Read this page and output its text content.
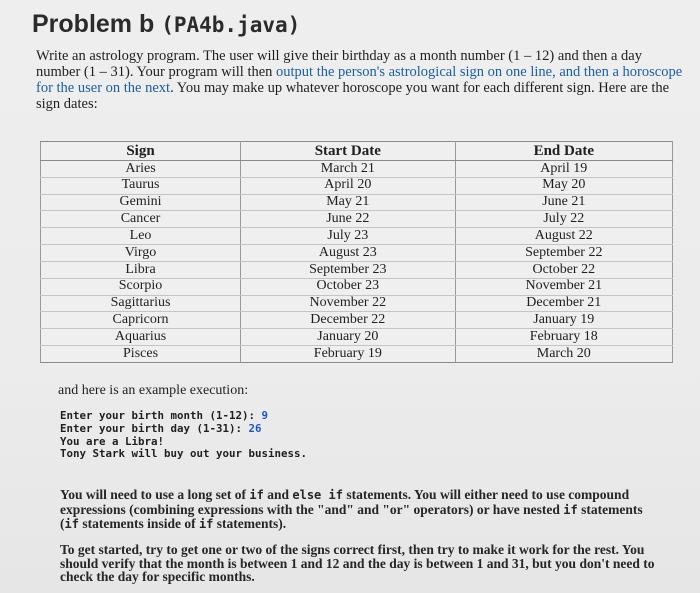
Problem b (PA4b.java)

Write an astrology program. The user will give their birthday as a month number (1 – 12) and then a day number (1 – 31). Your program will then output the person's astrological sign on one line, and then a horoscope for the user on the next. You may make up whatever horoscope you want for each different sign. Here are the sign dates:

Sign	Start Date	End Date
Aries	March 21	April 19
Taurus	April 20	May 20
Gemini	May 21	June 21
Cancer	June 22	July 22
Leo	July 23	August 22
Virgo	August 23	September 22
Libra	September 23	October 22
Scorpio	October 23	November 21
Sagittarius	November 22	December 21
Capricorn	December 22	January 19
Aquarius	January 20	February 18
Pisces	February 19	March 20

and here is an example execution:

Enter your birth month (1-12): 9
Enter your birth day (1-31): 26
You are a Libra!
Tony Stark will buy out your business.

You will need to use a long set of if and else if statements. You will either need to use compound expressions (combining expressions with the "and" and "or" operators) or have nested if statements (if statements inside of if statements).

To get started, try to get one or two of the signs correct first, then try to make it work for the rest. You should verify that the month is between 1 and 12 and the day is between 1 and 31, but you don't need to check the day for specific months.
